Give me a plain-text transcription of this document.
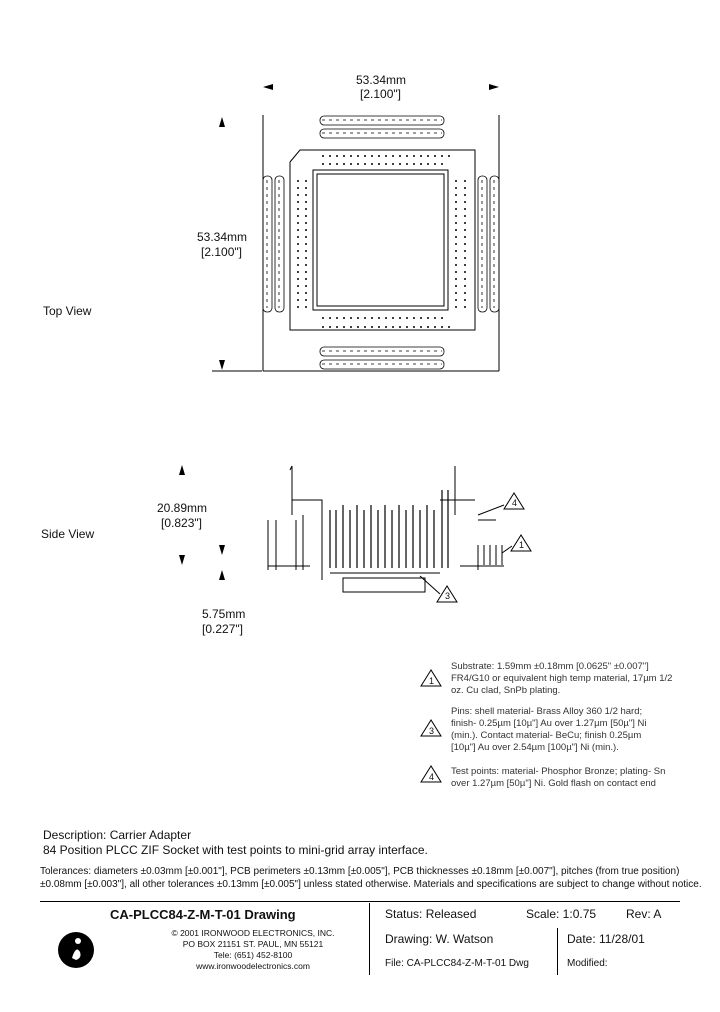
53.34mm
[2.100"]
53.34mm
[2.100"]
Top View
20.89mm
[0.823"]
Side View
5.75mm
[0.227"]
4
1
3
1
Substrate: 1.59mm ±0.18mm [0.0625" ±0.007"]
FR4/G10 or equivalent high temp material, 17µm 1/2
oz. Cu clad, SnPb plating.
3
Pins: shell material- Brass Alloy 360 1/2 hard;
finish- 0.25µm [10µ"] Au over 1.27µm [50µ"] Ni
(min.). Contact material- BeCu; finish 0.25µm
[10µ"] Au over 2.54µm [100µ"] Ni (min.).
4 Test points: material- Phosphor Bronze; plating- Sn
over 1.27µm [50µ"] Ni. Gold flash on contact end
Description: Carrier Adapter
84 Position PLCC ZIF Socket with test points to mini-grid array interface.
Tolerances: diameters ±0.03mm [±0.001"], PCB perimeters ±0.13mm [±0.005"], PCB thicknesses ±0.18mm [±0.007"], pitches (from true position)
±0.08mm [±0.003"], all other tolerances ±0.13mm [±0.005"] unless stated otherwise. Materials and specifications are subject to change without notice.
CA-PLCC84-Z-M-T-01 Drawing
© 2001 IRONWOOD ELECTRONICS, INC.
PO BOX 21151 ST. PAUL, MN 55121
Tele: (651) 452-8100
www.ironwoodelectronics.com
Status: Released	Scale: 1:0.75 Rev: A
Drawing: W. Watson	Date: 11/28/01
File: CA-PLCC84-Z-M-T-01 Dwg	Modified:
